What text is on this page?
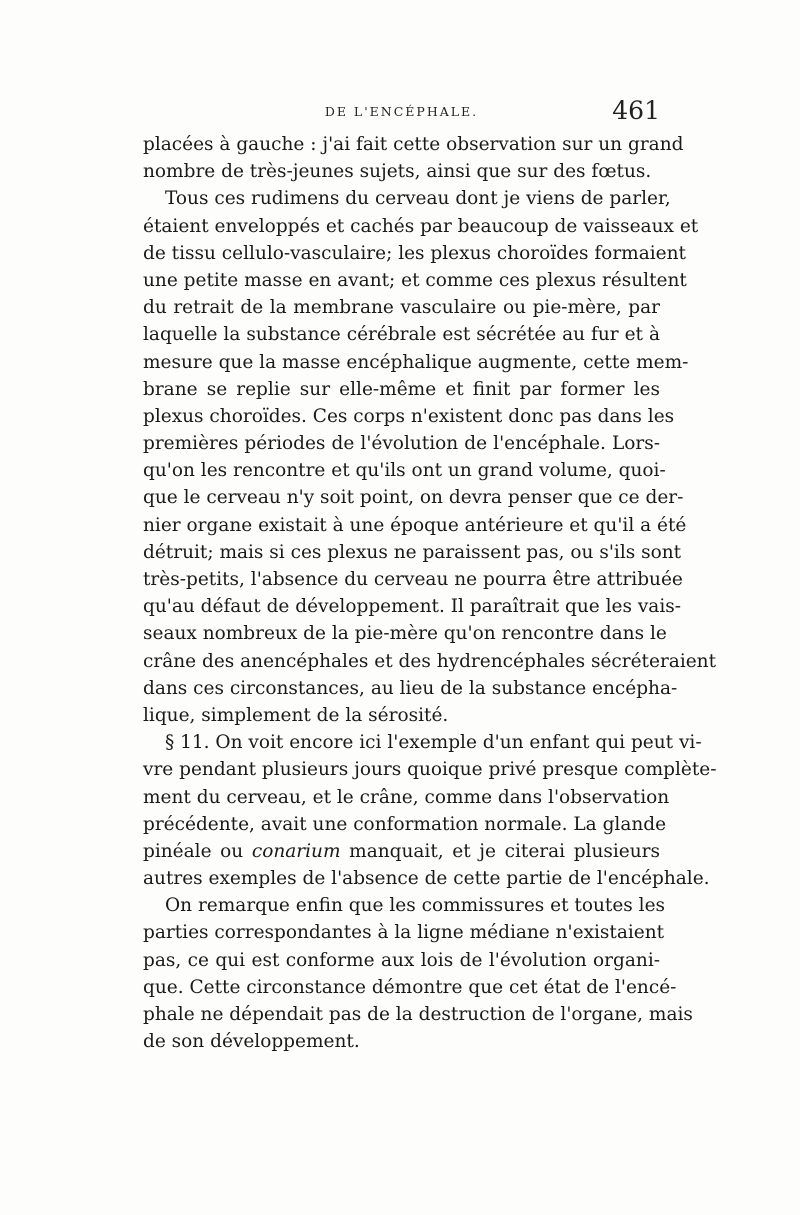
DE L'ENCÉPHALE.	461
placées à gauche : j'ai fait cette observation sur un grand
nombre de très-jeunes sujets, ainsi que sur des fœtus.
Tous ces rudimens du cerveau dont je viens de parler,
étaient enveloppés et cachés par beaucoup de vaisseaux et
de tissu cellulo-vasculaire; les plexus choroïdes formaient
une petite masse en avant; et comme ces plexus résultent
du retrait de la membrane vasculaire ou pie-mère, par
laquelle la substance cérébrale est sécrétée au fur et à
mesure que la masse encéphalique augmente, cette mem-
brane se replie sur elle-même et finit par former les
plexus choroïdes. Ces corps n'existent donc pas dans les
premières périodes de l'évolution de l'encéphale. Lors-
qu'on les rencontre et qu'ils ont un grand volume, quoi-
que le cerveau n'y soit point, on devra penser que ce der-
nier organe existait à une époque antérieure et qu'il a été
détruit; mais si ces plexus ne paraissent pas, ou s'ils sont
très-petits, l'absence du cerveau ne pourra être attribuée
qu'au défaut de développement. Il paraîtrait que les vais-
seaux nombreux de la pie-mère qu'on rencontre dans le
crâne des anencéphales et des hydrencéphales sécréteraient
dans ces circonstances, au lieu de la substance encépha-
lique, simplement de la sérosité.
§ 11. On voit encore ici l'exemple d'un enfant qui peut vi-
vre pendant plusieurs jours quoique privé presque complète-
ment du cerveau, et le crâne, comme dans l'observation
précédente, avait une conformation normale. La glande
pinéale ou conarium manquait, et je citerai plusieurs
autres exemples de l'absence de cette partie de l'encéphale.
On remarque enfin que les commissures et toutes les
parties correspondantes à la ligne médiane n'existaient
pas, ce qui est conforme aux lois de l'évolution organi-
que. Cette circonstance démontre que cet état de l'encé-
phale ne dépendait pas de la destruction de l'organe, mais
de son développement.
